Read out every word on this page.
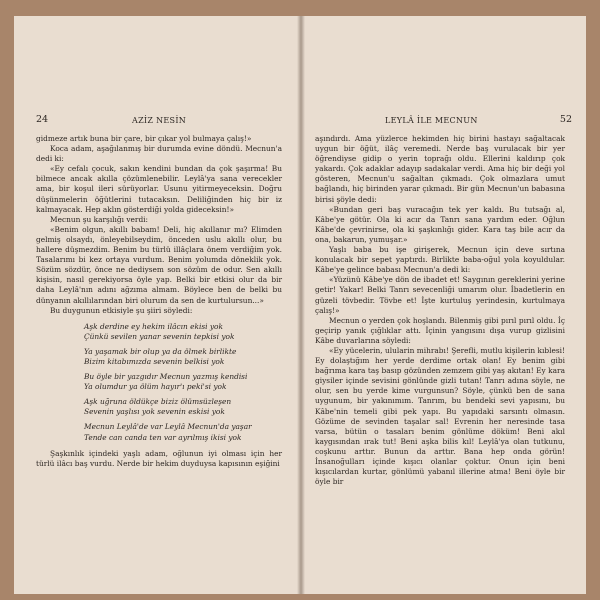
24	AZİZ NESİN

gidmeze artık buna bir çare, bir çıkar yol bulmaya çalış!»

Koca adam, aşağılanmış bir durumda evine döndü. Mecnun'a dedi ki:

«Ey cefalı çocuk, sakın kendini bundan da çok şaşırma! Bu bilmece ancak akılla çözümlenebilir. Leylâ'ya sana verecekler ama, bir koşul ileri sürüyorlar. Usunu yitirmeyeceksin. Doğru düşünmelerin öğütlerini tutacaksın. Deliliğinden hiç bir iz kalmayacak. Hep aklın gösterdiği yolda gideceksin!»

Mecnun şu karşılığı verdi:

«Benim olgun, akıllı babam! Deli, hiç akıllanır mı? Elimden gelmiş olsaydı, önleyebilseydim, önceden uslu akıllı olur, bu hallere düşmezdim. Benim bu türlü illâçlara önem verdiğim yok. Tasalarımı bi kez ortaya vurdum. Benim yolumda döneklik yok. Sözüm sözdür, önce ne dediysem son sözüm de odur. Sen akıllı kişisin, nasıl gerekiyorsa öyle yap. Belki bir etkisi olur da bir daha Leylâ'nın adını ağzıma almam. Böylece ben de belki bu dünyanın akıllılarından biri olurum da sen de kurtulursun...»

Bu duygunun etkisiyle şu şiiri söyledi:

Aşk derdine ey hekim ilâcın ekisi yok
Çünkü sevilen yanar sevenin tepkisi yok
Ya yaşamak bir olup ya da ölmek birlikte
Bizim kitabımızda sevenin belkisi yok
Bu öyle bir yazgıdır Mecnun yazmış kendisi
Ya olumdur ya ölüm hayır'ı peki'si yok
Aşk uğruna öldükçe biziz ölümsüzleşen
Sevenin yaşlısı yok sevenin eskisi yok
Mecnun Leylâ'de var Leylâ Mecnun'da yaşar
Tende can canda ten var ayrılmış ikisi yok

Şaşkınlık içindeki yaşlı adam, oğlunun iyi olması için her türlü ilâcı baş vurdu. Nerde bir hekim duyduysa kapısının eşiğini

LEYLÂ İLE MECNUN	52

aşındırdı. Ama yüzlerce hekimden hiç birini hastayı sağaltacak uygun bir öğüt, ilâç veremedi. Nerde baş vurulacak bir yer öğrendiyse gidip o yerin toprağı oldu. Ellerini kaldırıp çok yakardı. Çok adaklar adayıp sadakalar verdi. Ama hiç bir deği yol gösteren, Mecnun'u sağaltan çıkmadı. Çok olmazlara umut bağlandı, hiç birinden yarar çıkmadı. Bir gün Mecnun'un babasına birisi şöyle dedi:

«Bundan geri baş vuracağın tek yer kaldı. Bu tutsağı al, Kâbe'ye götür. Ola ki acır da Tanrı sana yardım eder. Oğlun Kâbe'de çevrinirse, ola ki şaşkınlığı gider. Kara taş bile acır da ona, bakarun, yumuşar.»

Yaşlı baba bu işe girişerek, Mecnun için deve sırtına konulacak bir sepet yaptırdı. Birlikte baba-oğul yola koyuldular. Kâbe'ye gelince babası Mecnun'a dedi ki:

«Yüzünü Kâbe'ye dön de ibadet et! Saygının gereklerini yerine getir! Yakar! Belki Tanrı sevecenliği umarım olur. İbadetlerin en güzeli tövbedir. Tövbe et! İşte kurtuluş yerindesin, kurtulmaya çalış!»

Mecnun o yerden çok hoşlandı. Bilenmiş gibi pırıl pırıl oldu. İç geçirip yanık çığlıklar attı. İçinin yangısını dışa vurup gizlisini Kâbe duvarlarına söyledi:

«Ey yücelerin, ulularin mihrabı! Şerefli, mutlu kişilerin kıblesi! Ey dolaştığım her yerde derdime ortak olan! Ey benim gibi bağrıma kara taş basıp gözünden zemzem gibi yaş akıtan! Ey kara giysiler içinde sevisini gönlünde gizli tutan! Tanrı adına söyle, ne olur, sen bu yerde kime vurgunsun? Söyle, çünkü ben de sana uygunum, bir yakınımım. Tanrım, bu bendeki sevi yapısını, bu Kâbe'nin temeli gibi pek yapı. Bu yapıdaki sarsıntı olmasın. Gözüme de sevinden taşalar sal! Evrenin her neresinde tasa varsa, bütün o tasaları benim gönlüme döküm! Beni akıl kaygısından ırak tut! Beni aşka bilis kıl! Leylâ'ya olan tutkunu, coşkunu arttır. Bunun da arttır. Bana hep onda görün! İnsanoğulları içinde kışıcı olanlar çoktur. Onun için beni kışıcılardan kurtar, gönlümü yabanıl illerine atma! Beni öyle bir öyle bir
